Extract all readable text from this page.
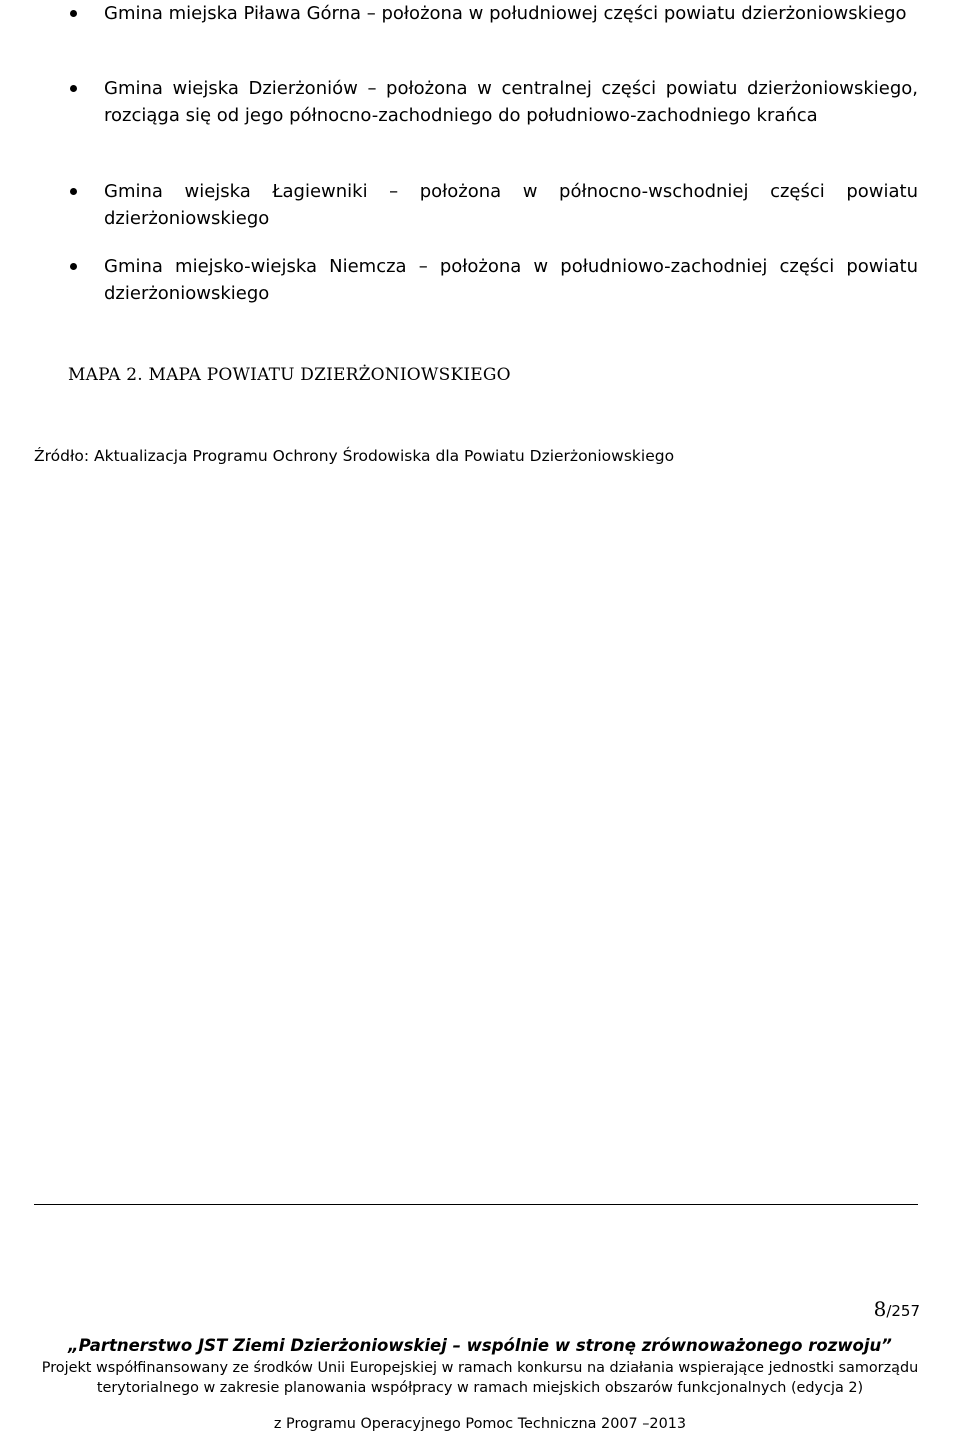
Gmina miejska Piława Górna – położona w południowej części powiatu dzierżoniowskiego
Gmina wiejska Dzierżoniów – położona w centralnej części powiatu dzierżoniowskiego, rozciąga się od jego północno-zachodniego do południowo-zachodniego krańca
Gmina wiejska Łagiewniki – położona w północno-wschodniej części powiatu dzierżoniowskiego
Gmina miejsko-wiejska Niemcza – położona w południowo-zachodniej części powiatu dzierżoniowskiego
MAPA 2. MAPA POWIATU DZIERŻONIOWSKIEGO
Źródło: Aktualizacja Programu Ochrony Środowiska dla Powiatu Dzierżoniowskiego
8/257
„Partnerstwo JST Ziemi Dzierżoniowskiej – wspólnie w stronę zrównoważonego rozwoju”
Projekt współfinansowany ze środków Unii Europejskiej w ramach konkursu na działania wspierające jednostki samorządu
terytorialnego w zakresie planowania współpracy w ramach miejskich obszarów funkcjonalnych (edycja 2)
z Programu Operacyjnego Pomoc Techniczna 2007 –2013
